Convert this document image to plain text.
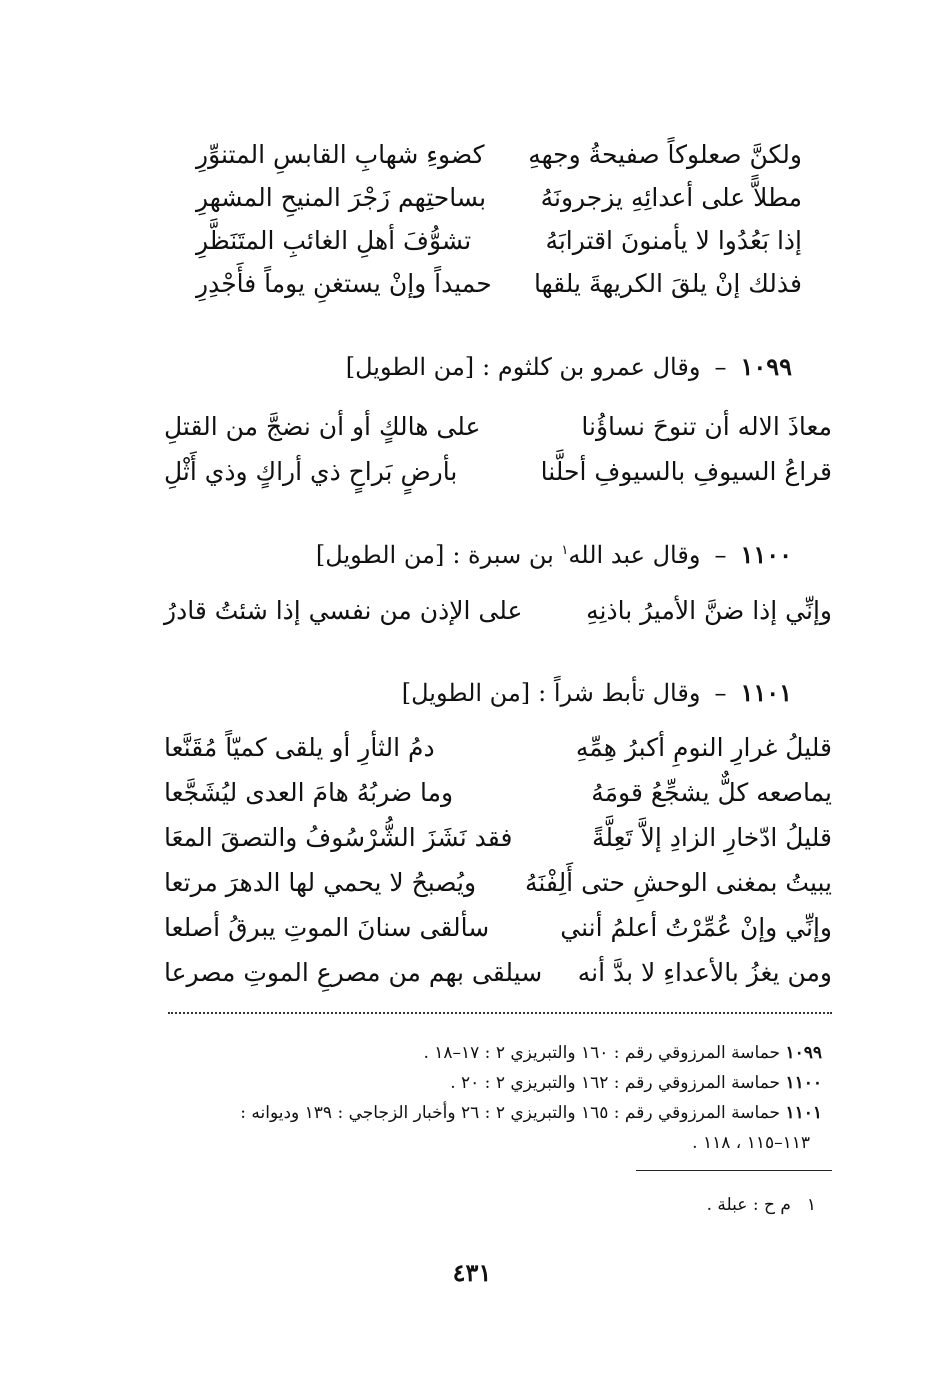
ولكنَّ صعلوكاً صفيحةُ وجههِ
كضوءِ شهابِ القابسِ المتنوِّرِ
مطلاًّ على أعدائِهِ يزجرونَهُ
بساحتِهم زَجْرَ المنيحِ المشهرِ
إذا بَعُدُوا لا يأمنونَ اقترابَهُ
تشوُّفَ أهلِ الغائبِ المتَنَظَّرِ
فذلك إنْ يلقَ الكريهةَ يلقها
حميداً وإنْ يستغنِ يوماً فأَجْدِرِ
١٠٩٩–وقال عمرو بن كلثوم :[من الطويل]
معاذَ الاله أن تنوحَ نساؤُنا
على هالكٍ أو أن نضجَّ من القتلِ
قراعُ السيوفِ بالسيوفِ أحلَّنا
بأرضٍ بَراحٍ ذي أراكٍ وذي أَثْلِ
١١٠٠–وقال عبد الله$^١$ بن سبرة :[من الطويل]
وإنِّي إذا ضنَّ الأميرُ باذنِهِ
على الإذن من نفسي إذا شئتُ قادرُ
١١٠١–وقال تأبط شراً :[من الطويل]
قليلُ غرارِ النومِ أكبرُ هِمِّهِ
دمُ الثأرِ أو يلقى كميّاً مُقَنَّعا
يماصعه كلٌّ يشجِّعُ قومَهُ
وما ضربُهُ هامَ العدى ليُشَجَّعا
قليلُ ادّخارِ الزادِ إلاَّ تَعِلَّةً
فقد نَشَزَ الشُّرْسُوفُ والتصقَ المعَا
يبيتُ بمغنى الوحشِ حتى أَلِفْنَهُ
ويُصبحُ لا يحمي لها الدهرَ مرتعا
وإنِّي وإنْ عُمِّرْتُ أعلمُ أنني
سألقى سنانَ الموتِ يبرقُ أصلعا
ومن يغزُ بالأعداءِ لا بدَّ أنه
سيلقى بهم من مصرعِ الموتِ مصرعا
١٠٩٩ حماسة المرزوقي رقم : ١٦٠ والتبريزي ٢ : ١٧–١٨ .
١١٠٠ حماسة المرزوقي رقم : ١٦٢ والتبريزي ٢ : ٢٠ .
١١٠١ حماسة المرزوقي رقم : ١٦٥ والتبريزي ٢ : ٢٦ وأخبار الزجاجي : ١٣٩ وديوانه :
١١٣–١١٥ ، ١١٨ .
١م ح : عبلة .
٤٣١
